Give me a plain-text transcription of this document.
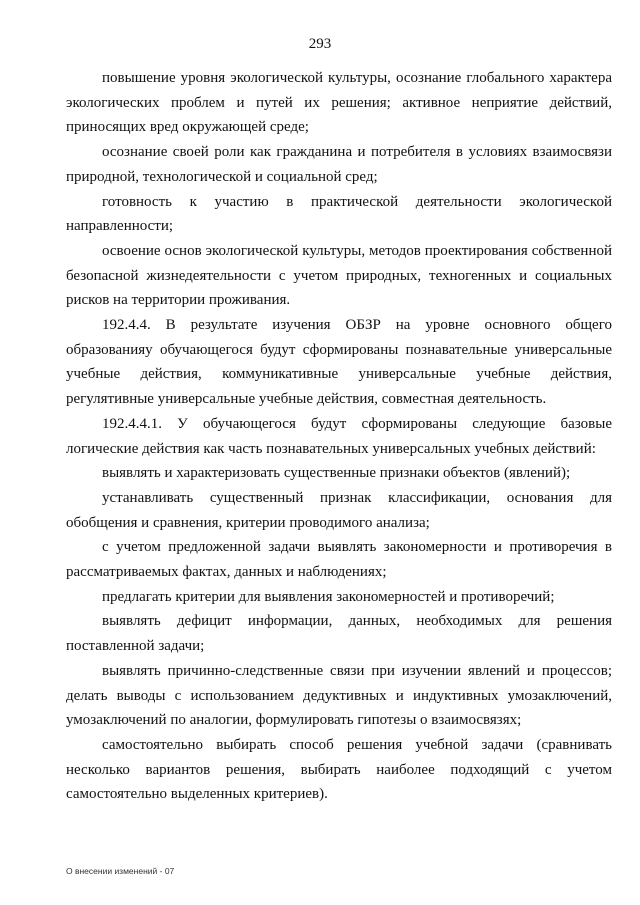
293

повышение уровня экологической культуры, осознание глобального характера экологических проблем и путей их решения; активное неприятие действий, приносящих вред окружающей среде;

осознание своей роли как гражданина и потребителя в условиях взаимосвязи природной, технологической и социальной сред;

готовность к участию в практической деятельности экологической направленности;

освоение основ экологической культуры, методов проектирования собственной безопасной жизнедеятельности с учетом природных, техногенных и социальных рисков на территории проживания.

192.4.4. В результате изучения ОБЗР на уровне основного общего образованияу обучающегося будут сформированы познавательные универсальные учебные действия, коммуникативные универсальные учебные действия, регулятивные универсальные учебные действия, совместная деятельность.

192.4.4.1. У обучающегося будут сформированы следующие базовые логические действия как часть познавательных универсальных учебных действий:

выявлять и характеризовать существенные признаки объектов (явлений);

устанавливать существенный признак классификации, основания для обобщения и сравнения, критерии проводимого анализа;

с учетом предложенной задачи выявлять закономерности и противоречия в рассматриваемых фактах, данных и наблюдениях;

предлагать критерии для выявления закономерностей и противоречий;

выявлять дефицит информации, данных, необходимых для решения поставленной задачи;

выявлять причинно-следственные связи при изучении явлений и процессов; делать выводы с использованием дедуктивных и индуктивных умозаключений, умозаключений по аналогии, формулировать гипотезы о взаимосвязях;

самостоятельно выбирать способ решения учебной задачи (сравнивать несколько вариантов решения, выбирать наиболее подходящий с учетом самостоятельно выделенных критериев).

О внесении изменений - 07
